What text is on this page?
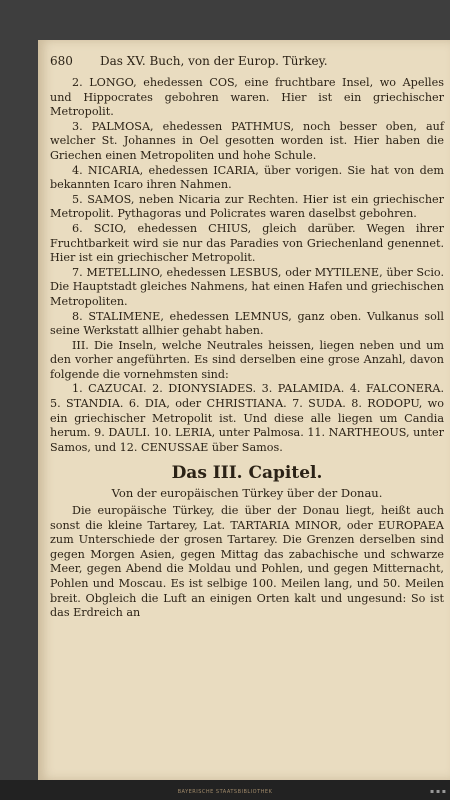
680 Das XV. Buch, von der Europ. Türkey.

2. LONGO, ehedessen COS, eine fruchtbare Insel, wo Apelles und Hippocrates gebohren waren. Hier ist ein griechischer Metropolit.

3. PALMOSA, ehedessen PATHMUS, noch besser oben, auf welcher St. Johannes in Oel gesotten worden ist. Hier haben die Griechen einen Metropoliten und hohe Schule.

4. NICARIA, ehedessen ICARIA, über vorigen. Sie hat von dem bekannten Icaro ihren Nahmen.

5. SAMOS, neben Nicaria zur Rechten. Hier ist ein griechischer Metropolit. Pythagoras und Policrates waren daselbst gebohren.

6. SCIO, ehedessen CHIUS, gleich darüber. Wegen ihrer Fruchtbarkeit wird sie nur das Paradies von Griechenland genennet. Hier ist ein griechischer Metropolit.

7. METELLINO, ehedessen LESBUS, oder MYTILENE, über Scio. Die Hauptstadt gleiches Nahmens, hat einen Hafen und griechischen Metropoliten.

8. STALIMENE, ehedessen LEMNUS, ganz oben. Vulkanus soll seine Werkstatt allhier gehabt haben.

III. Die Inseln, welche Neutrales heissen, liegen neben und um den vorher angeführten. Es sind derselben eine grose Anzahl, davon folgende die vornehmsten sind:

1. CAZUCAI. 2. DIONYSIADES. 3. PALAMIDA. 4. FALCONERA. 5. STANDIA. 6. DIA, oder CHRISTIANA. 7. SUDA. 8. RODOPU, wo ein griechischer Metropolit ist. Und diese alle liegen um Candia herum. 9. DAULI. 10. LERIA, unter Palmosa. 11. NARTHEOUS, unter Samos, und 12. CENUSSAE über Samos.

Das III. Capitel.
Von der europäischen Türkey über der Donau.

Die europäische Türkey, die über der Donau liegt, heißt auch sonst die kleine Tartarey, Lat. TARTARIA MINOR, oder EUROPAEA zum Unterschiede der grosen Tartarey. Die Grenzen derselben sind gegen Morgen Asien, gegen Mittag das zabachische und schwarze Meer, gegen Abend die Moldau und Pohlen, und gegen Mitternacht, Pohlen und Moscau. Es ist selbige 100. Meilen lang, und 50. Meilen breit. Obgleich die Luft an einigen Orten kalt und ungesund: So ist das Erdreich an

BAYERISCHE STAATSBIBLIOTHEK	▪ ▪ ▪
